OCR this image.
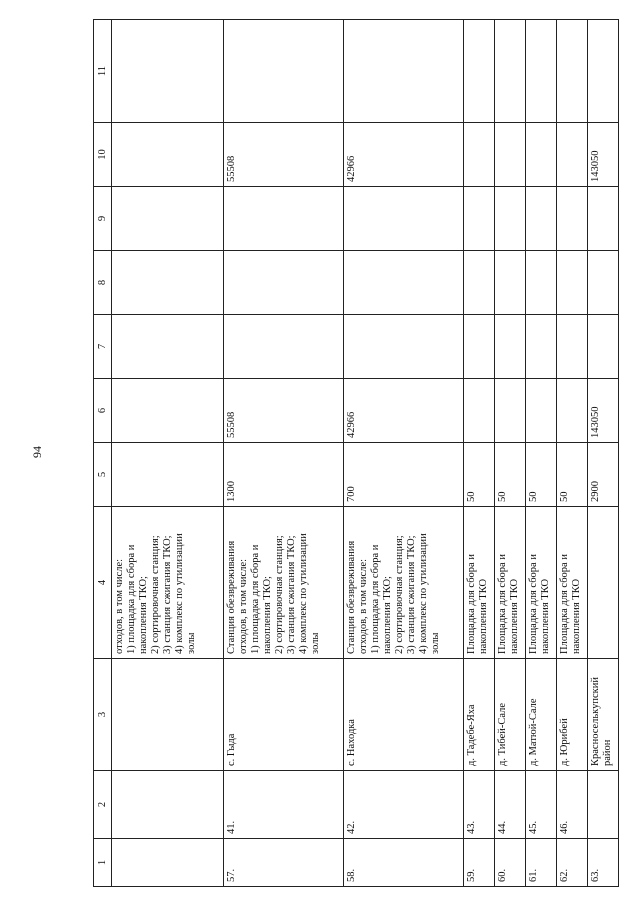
94
1	2	3	4	5	6	7	8	9	10	11
			отходов, в том числе:
1) площадка для сбора и накопления ТКО;
2) сортировочная станция;
3) станция сжигания ТКО;
4) комплекс по утилизации золы							
57.	41.	с. Гыда	Станция обезвреживания отходов, в том числе:
1) площадка для сбора и накопления ТКО;
2) сортировочная станция;
3) станция сжигания ТКО;
4) комплекс по утилизации золы	1300	55508				55508	
58.	42.	с. Находка	Станция обезвреживания отходов, в том числе:
1) площадка для сбора и накопления ТКО;
2) сортировочная станция;
3) станция сжигания ТКО;
4) комплекс по утилизации золы	700	42966				42966	
59.	43.	д. Тадебе-Яха	Площадка для сбора и накопления ТКО	50						
60.	44.	д. Тибей-Сале	Площадка для сбора и накопления ТКО	50						
61.	45.	д. Матюй-Сале	Площадка для сбора и накопления ТКО	50						
62.	46.	д. Юрибей	Площадка для сбора и накопления ТКО	50						
63.		Красноселькупский район		2900	143050				143050	
